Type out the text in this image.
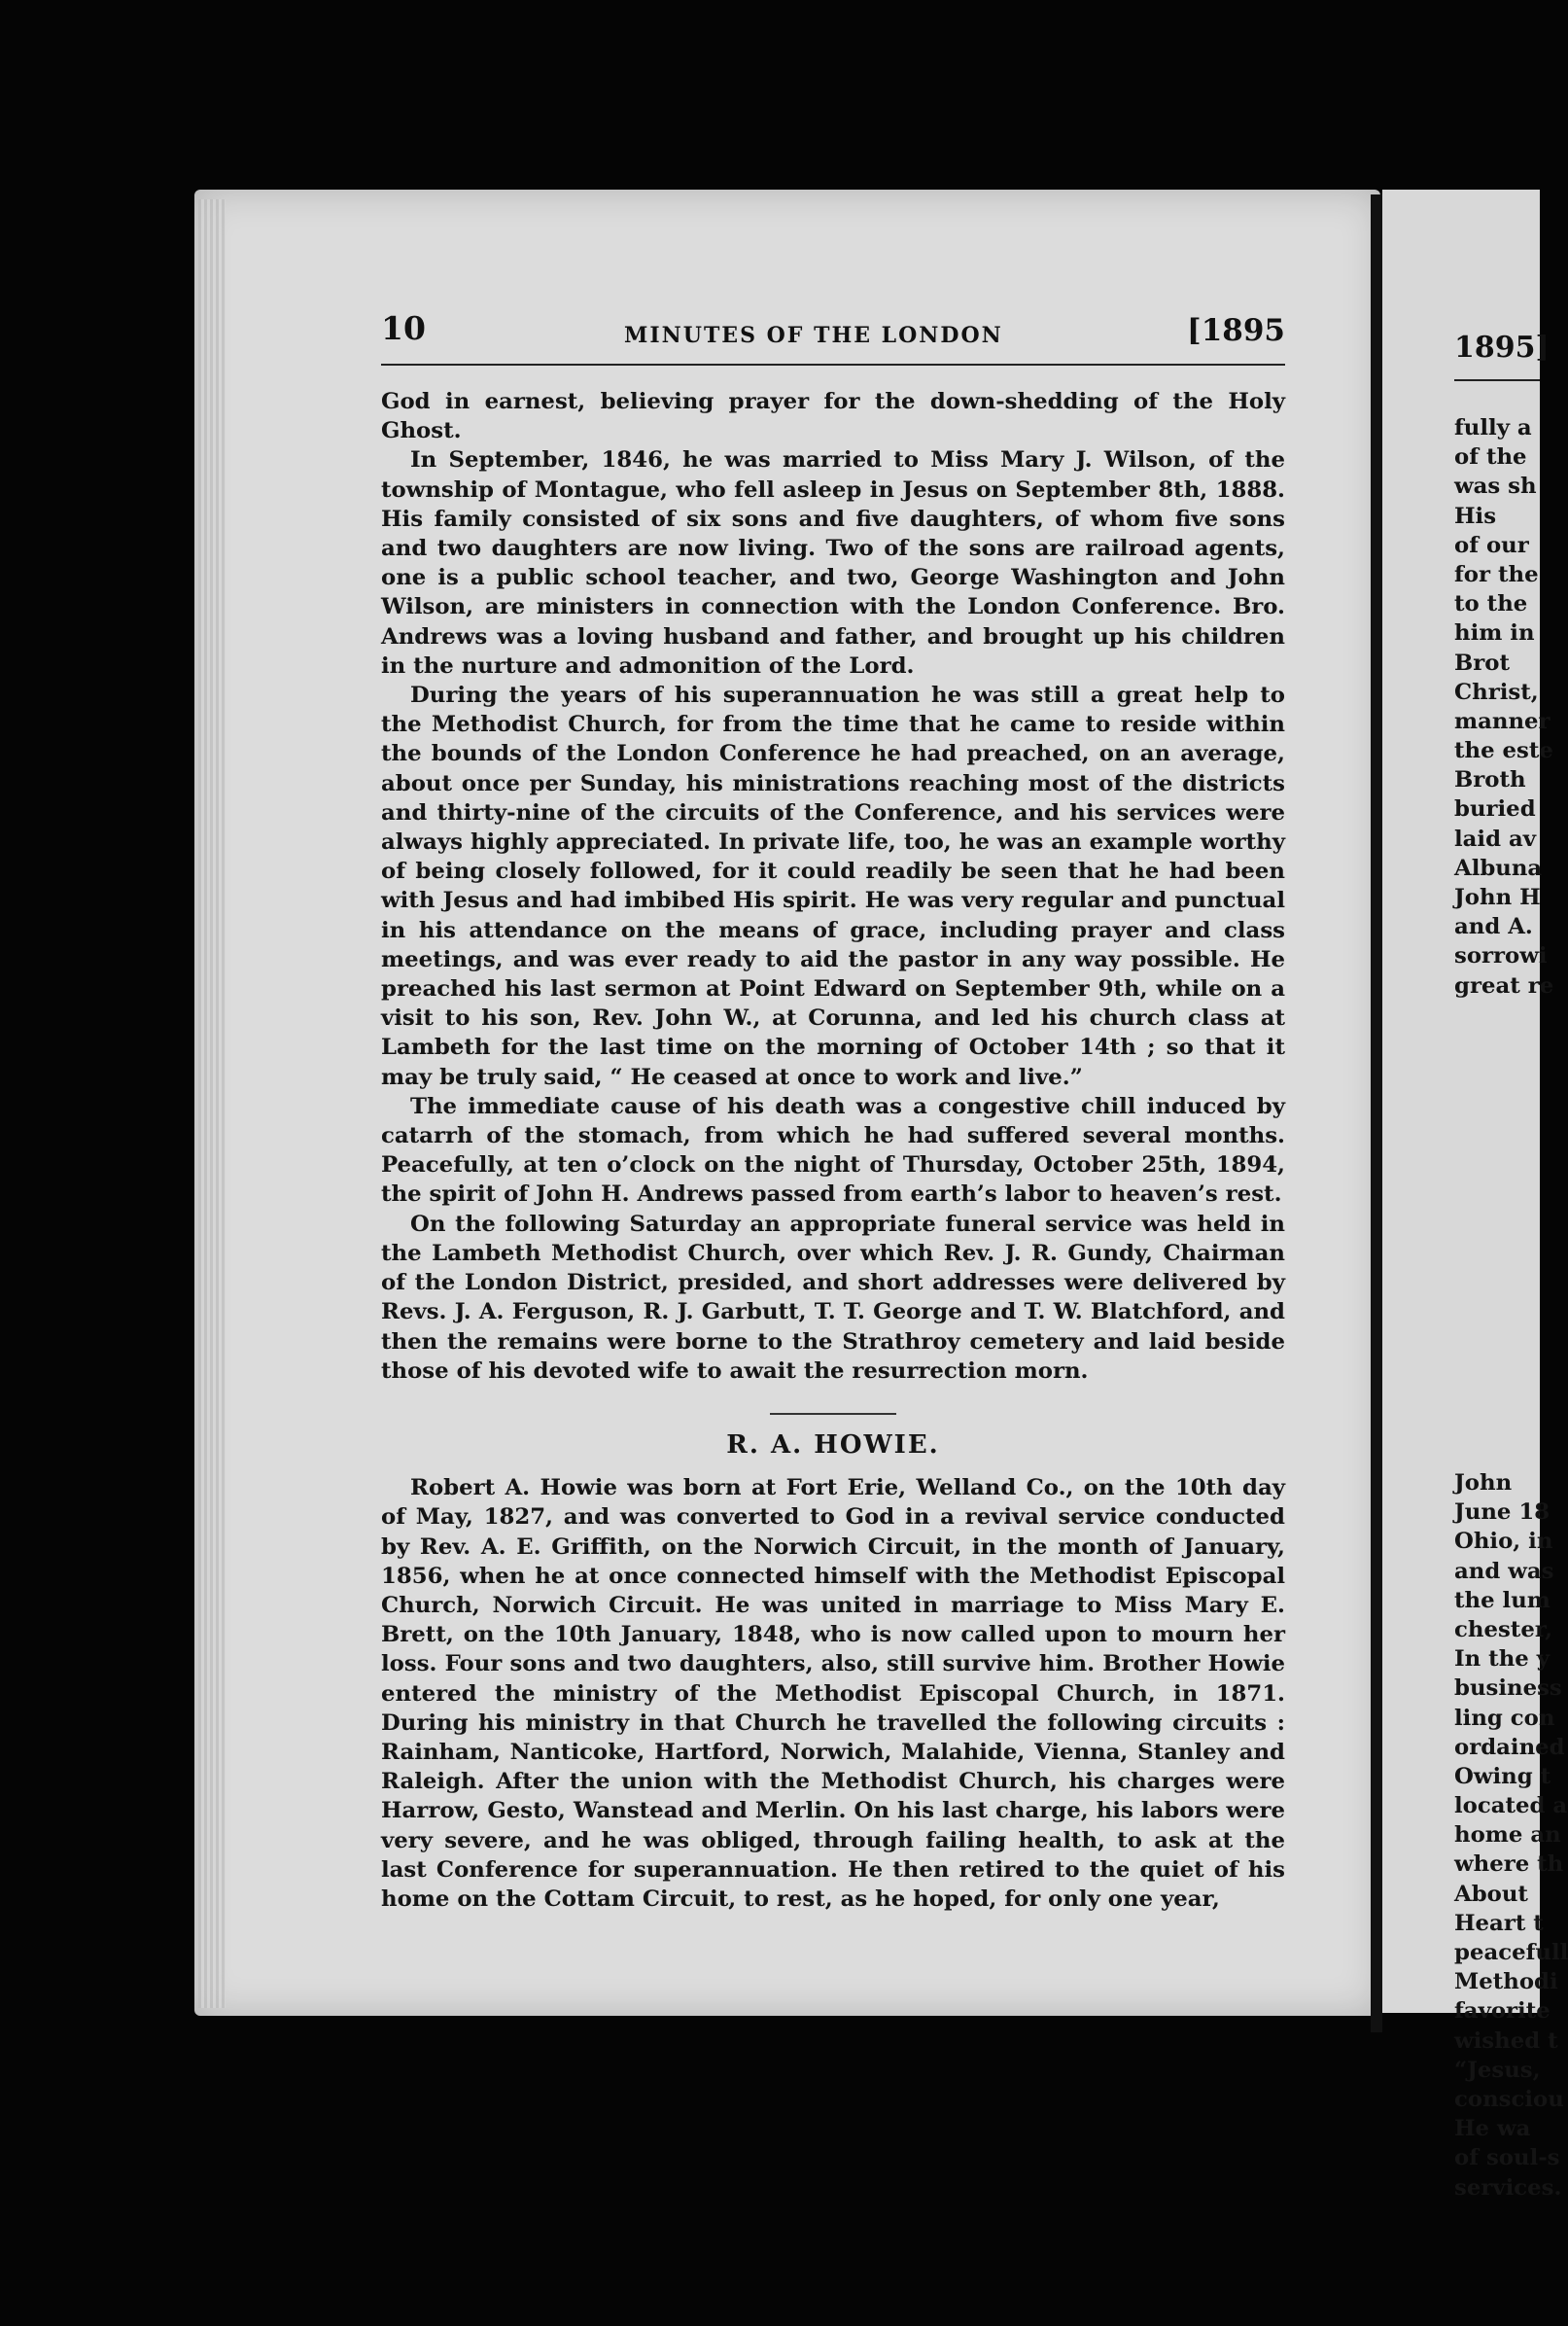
1895]
fully a
of the
was sh
His
of our
for the
to the
him in
Brot
Christ,
manner
the este
Broth
buried
laid av
Albuna
John H
and A.
sorrowi
great re
John
June 18
Ohio, in
and was
the lum
chester,
In the y
business
ling con
ordained
Owing t
located a
home an
where th
About
Heart t
peacefull
Methodi
favorite
wished t
“Jesus,
consciou
He wa
of soul-s
services.
10	MINUTES OF THE LONDON	[1895

God in earnest, believing prayer for the down-shedding of the Holy Ghost.

In September, 1846, he was married to Miss Mary J. Wilson, of the township of Montague, who fell asleep in Jesus on September 8th, 1888. His family consisted of six sons and five daughters, of whom five sons and two daughters are now living. Two of the sons are railroad agents, one is a public school teacher, and two, George Washington and John Wilson, are ministers in connection with the London Conference. Bro. Andrews was a loving husband and father, and brought up his children in the nurture and admonition of the Lord.

During the years of his superannuation he was still a great help to the Methodist Church, for from the time that he came to reside within the bounds of the London Conference he had preached, on an average, about once per Sunday, his ministrations reaching most of the districts and thirty-nine of the circuits of the Conference, and his services were always highly appreciated. In private life, too, he was an example worthy of being closely followed, for it could readily be seen that he had been with Jesus and had imbibed His spirit. He was very regular and punctual in his attendance on the means of grace, including prayer and class meetings, and was ever ready to aid the pastor in any way possible. He preached his last sermon at Point Edward on September 9th, while on a visit to his son, Rev. John W., at Corunna, and led his church class at Lambeth for the last time on the morning of October 14th ; so that it may be truly said, “ He ceased at once to work and live.”

The immediate cause of his death was a congestive chill induced by catarrh of the stomach, from which he had suffered several months. Peacefully, at ten o’clock on the night of Thursday, October 25th, 1894, the spirit of John H. Andrews passed from earth’s labor to heaven’s rest.

On the following Saturday an appropriate funeral service was held in the Lambeth Methodist Church, over which Rev. J. R. Gundy, Chairman of the London District, presided, and short addresses were delivered by Revs. J. A. Ferguson, R. J. Garbutt, T. T. George and T. W. Blatchford, and then the remains were borne to the Strathroy cemetery and laid beside those of his devoted wife to await the resurrection morn.

R. A. HOWIE.

Robert A. Howie was born at Fort Erie, Welland Co., on the 10th day of May, 1827, and was converted to God in a revival service conducted by Rev. A. E. Griffith, on the Norwich Circuit, in the month of January, 1856, when he at once connected himself with the Methodist Episcopal Church, Norwich Circuit. He was united in marriage to Miss Mary E. Brett, on the 10th January, 1848, who is now called upon to mourn her loss. Four sons and two daughters, also, still survive him. Brother Howie entered the ministry of the Methodist Episcopal Church, in 1871. During his ministry in that Church he travelled the following circuits : Rainham, Nanticoke, Hartford, Norwich, Malahide, Vienna, Stanley and Raleigh. After the union with the Methodist Church, his charges were Harrow, Gesto, Wanstead and Merlin. On his last charge, his labors were very severe, and he was obliged, through failing health, to ask at the last Conference for superannuation. He then retired to the quiet of his home on the Cottam Circuit, to rest, as he hoped, for only one year,
